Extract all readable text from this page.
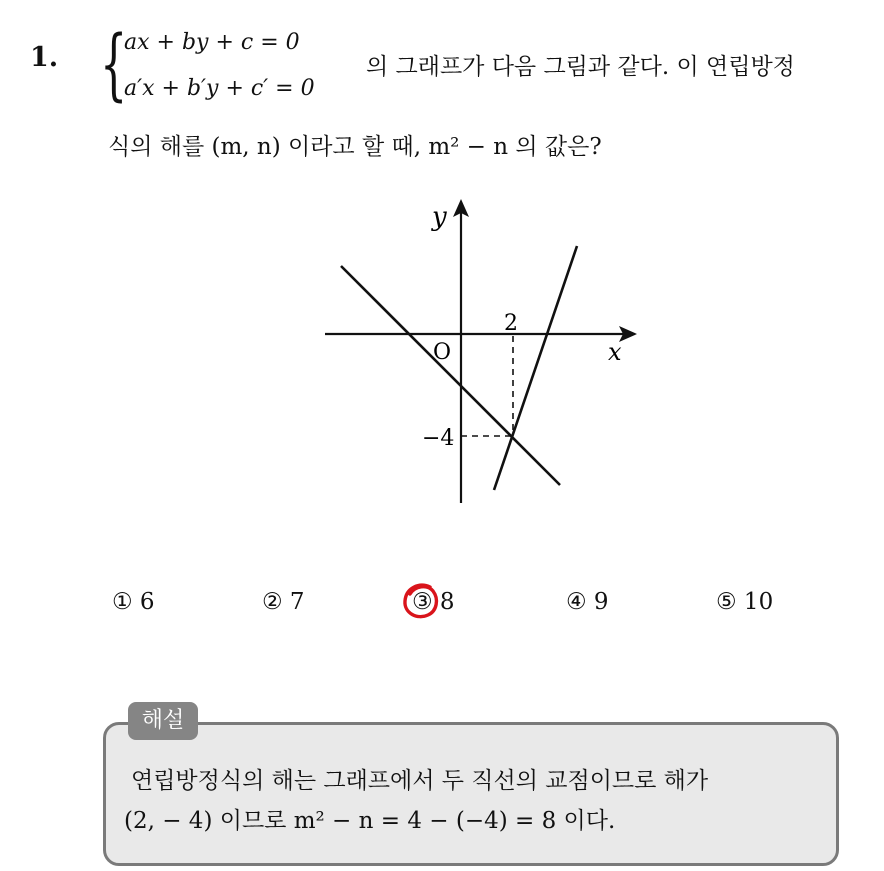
1. {
ax + by + c = 0
a′x + b′y + c′ = 0
의 그래프가 다음 그림과 같다. 이 연립방정
식의 해를 (m, n) 이라고 할 때, m² − n 의 값은?
y
x
O
2
−4
① 6	② 7	③ 8	④ 9	⑤ 10
해설
연립방정식의 해는 그래프에서 두 직선의 교점이므로 해가
(2, − 4) 이므로 m² − n = 4 − (−4) = 8 이다.
